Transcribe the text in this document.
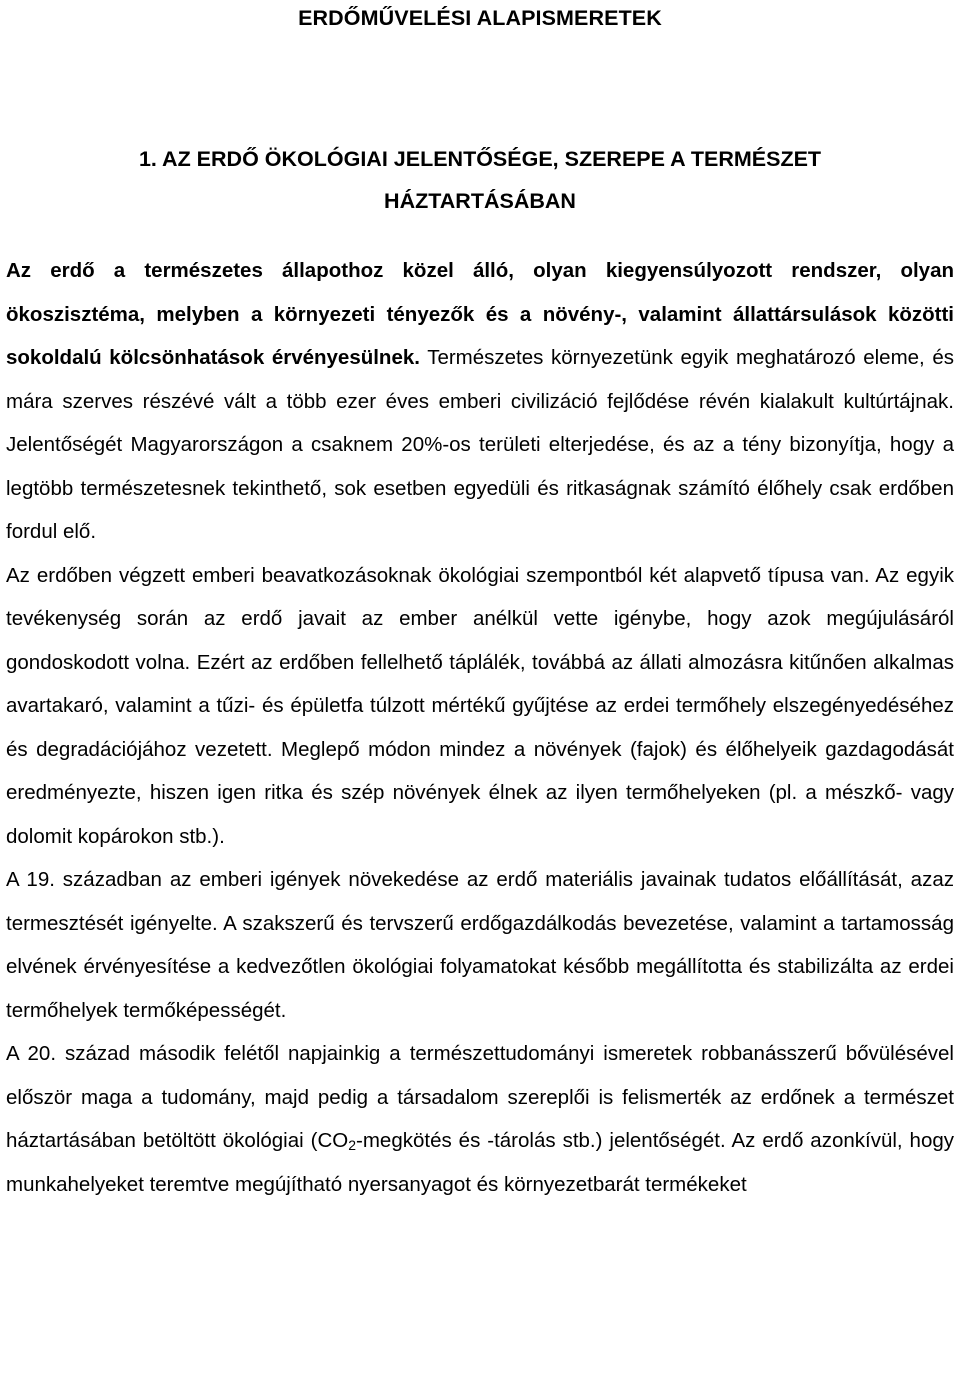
ERDŐMŰVELÉSI ALAPISMERETEK
1. AZ ERDŐ ÖKOLÓGIAI JELENTŐSÉGE, SZEREPE A TERMÉSZET
HÁZTARTÁSÁBAN

Az erdő a természetes állapothoz közel álló, olyan kiegyensúlyozott rendszer, olyan ökoszisztéma, melyben a környezeti tényezők és a növény-, valamint állattársulások közötti sokoldalú kölcsönhatások érvényesülnek. Természetes környezetünk egyik meghatározó eleme, és mára szerves részévé vált a több ezer éves emberi civilizáció fejlődése révén kialakult kultúrtájnak. Jelentőségét Magyarországon a csaknem 20%-os területi elterjedése, és az a tény bizonyítja, hogy a legtöbb természetesnek tekinthető, sok esetben egyedüli és ritkaságnak számító élőhely csak erdőben fordul elő.

Az erdőben végzett emberi beavatkozásoknak ökológiai szempontból két alapvető típusa van. Az egyik tevékenység során az erdő javait az ember anélkül vette igénybe, hogy azok megújulásáról gondoskodott volna. Ezért az erdőben fellelhető táplálék, továbbá az állati almozásra kitűnően alkalmas avartakaró, valamint a tűzi- és épületfa túlzott mértékű gyűjtése az erdei termőhely elszegényedéséhez és degradációjához vezetett. Meglepő módon mindez a növények (fajok) és élőhelyeik gazdagodását eredményezte, hiszen igen ritka és szép növények élnek az ilyen termőhelyeken (pl. a mészkő- vagy dolomit kopárokon stb.).

A 19. században az emberi igények növekedése az erdő materiális javainak tudatos előállítását, azaz termesztését igényelte. A szakszerű és tervszerű erdőgazdálkodás bevezetése, valamint a tartamosság elvének érvényesítése a kedvezőtlen ökológiai folyamatokat később megállította és stabilizálta az erdei termőhelyek termőképességét.

A 20. század második felétől napjainkig a természettudományi ismeretek robbanásszerű bővülésével először maga a tudomány, majd pedig a társadalom szereplői is felismerték az erdőnek a természet háztartásában betöltött ökológiai ($CO_2$-megkötés és -tárolás stb.) jelentőségét. Az erdő azonkívül, hogy munkahelyeket teremtve megújítható nyersanyagot és környezetbarát termékeket
